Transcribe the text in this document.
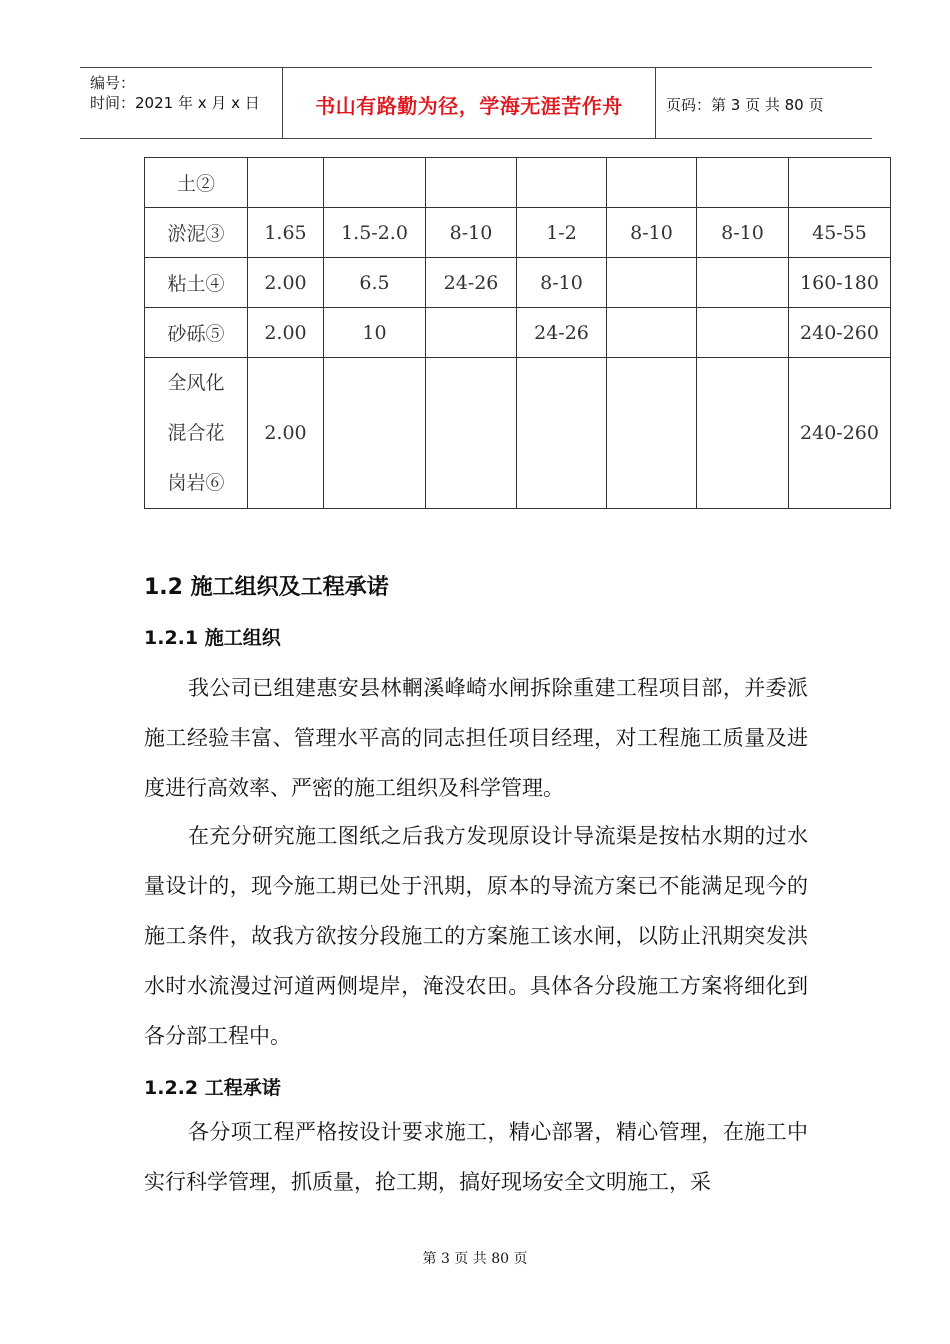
编号：
时间：2021 年 x 月 x 日	书山有路勤为径，学海无涯苦作舟	页码：第 3 页 共 80 页
土②							
淤泥③	1.65	1.5-2.0	8-10	1-2	8-10	8-10	45-55
粘土④	2.00	6.5	24-26	8-10			160-180
砂砾⑤	2.00	10		24-26			240-260

全风化
混合花
岗岩⑥	2.00						240-260
1.2 施工组织及工程承诺
1.2.1 施工组织

我公司已组建惠安县林輞溪峰崎水闸拆除重建工程项目部，并委派施工经验丰富、管理水平高的同志担任项目经理，对工程施工质量及进度进行高效率、严密的施工组织及科学管理。

在充分研究施工图纸之后我方发现原设计导流渠是按枯水期的过水量设计的，现今施工期已处于汛期，原本的导流方案已不能满足现今的施工条件，故我方欲按分段施工的方案施工该水闸，以防止汛期突发洪水时水流漫过河道两侧堤岸，淹没农田。具体各分段施工方案将细化到各分部工程中。

1.2.2 工程承诺

各分项工程严格按设计要求施工，精心部署，精心管理，在施工中实行科学管理，抓质量，抢工期，搞好现场安全文明施工，采

第 3 页 共 80 页
